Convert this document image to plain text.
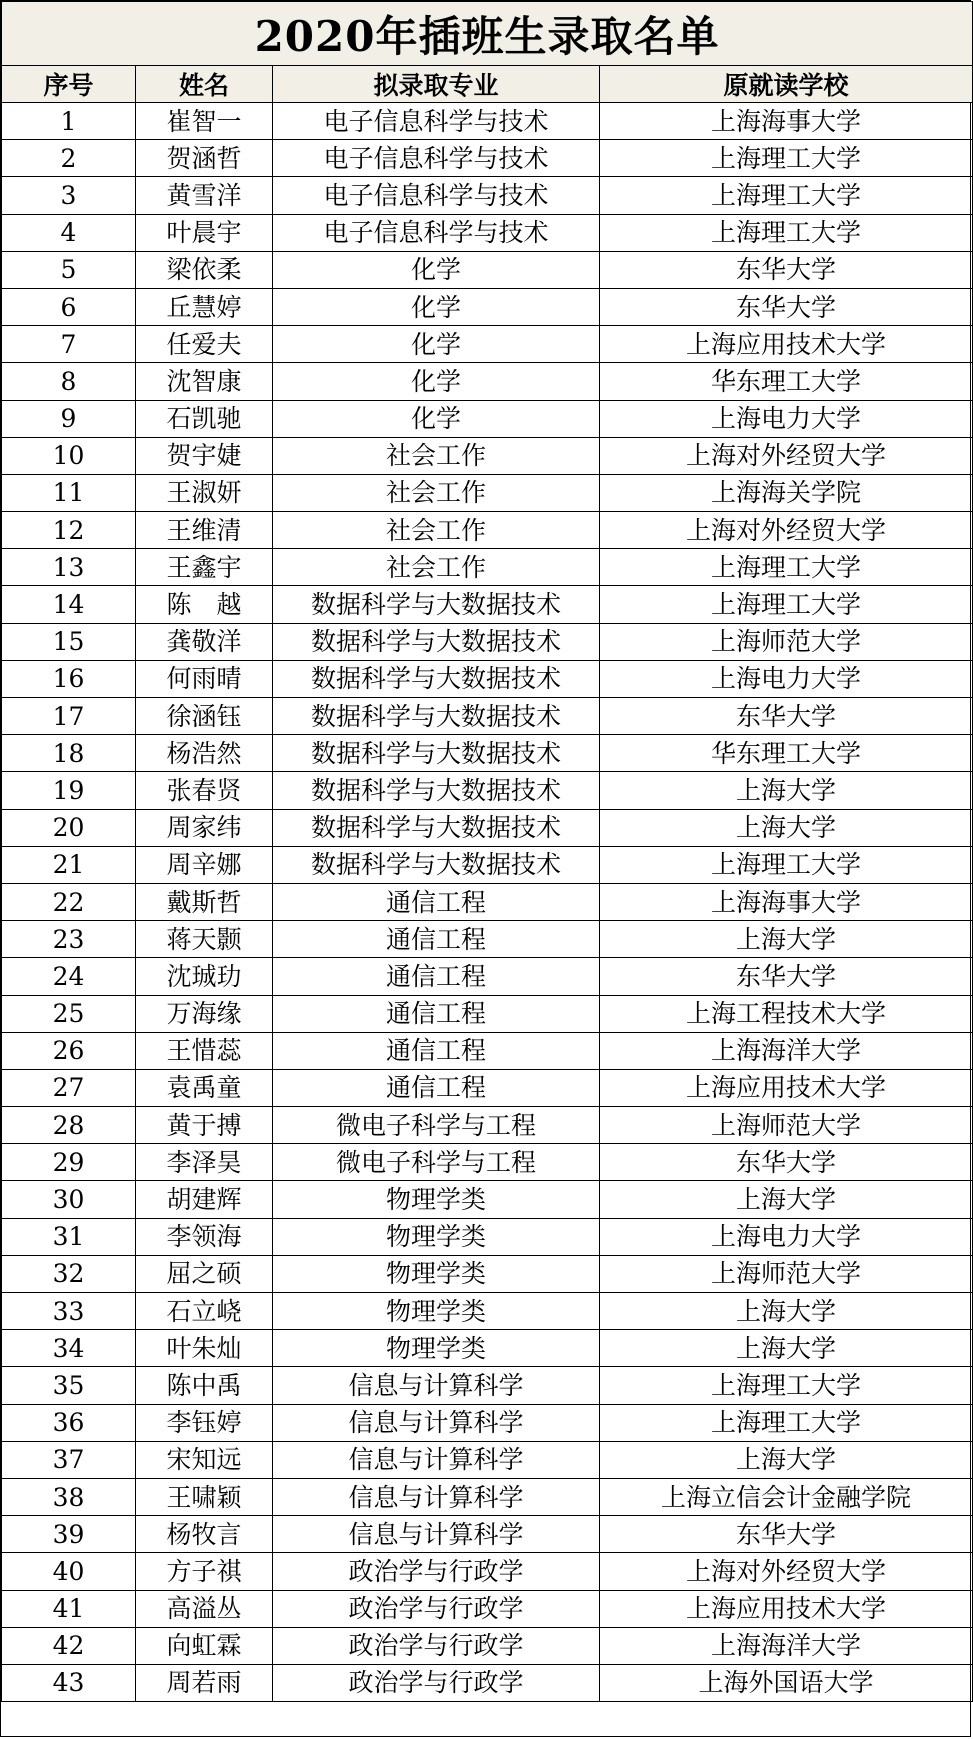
2020年插班生录取名单			
序号	姓名	拟录取专业	原就读学校
1	崔智一	电子信息科学与技术	上海海事大学
2	贺涵哲	电子信息科学与技术	上海理工大学
3	黄雪洋	电子信息科学与技术	上海理工大学
4	叶晨宇	电子信息科学与技术	上海理工大学
5	梁依柔	化学	东华大学
6	丘慧婷	化学	东华大学
7	任爱夫	化学	上海应用技术大学
8	沈智康	化学	华东理工大学
9	石凯驰	化学	上海电力大学
10	贺宇婕	社会工作	上海对外经贸大学
11	王淑妍	社会工作	上海海关学院
12	王维清	社会工作	上海对外经贸大学
13	王鑫宇	社会工作	上海理工大学
14	陈　越	数据科学与大数据技术	上海理工大学
15	龚敬洋	数据科学与大数据技术	上海师范大学
16	何雨晴	数据科学与大数据技术	上海电力大学
17	徐涵钰	数据科学与大数据技术	东华大学
18	杨浩然	数据科学与大数据技术	华东理工大学
19	张春贤	数据科学与大数据技术	上海大学
20	周家纬	数据科学与大数据技术	上海大学
21	周辛娜	数据科学与大数据技术	上海理工大学
22	戴斯哲	通信工程	上海海事大学
23	蒋天颢	通信工程	上海大学
24	沈珹玏	通信工程	东华大学
25	万海缘	通信工程	上海工程技术大学
26	王惜蕊	通信工程	上海海洋大学
27	袁禹童	通信工程	上海应用技术大学
28	黄于搏	微电子科学与工程	上海师范大学
29	李泽昊	微电子科学与工程	东华大学
30	胡建辉	物理学类	上海大学
31	李领海	物理学类	上海电力大学
32	屈之硕	物理学类	上海师范大学
33	石立峣	物理学类	上海大学
34	叶朱灿	物理学类	上海大学
35	陈中禹	信息与计算科学	上海理工大学
36	李钰婷	信息与计算科学	上海理工大学
37	宋知远	信息与计算科学	上海大学
38	王啸颖	信息与计算科学	上海立信会计金融学院
39	杨牧言	信息与计算科学	东华大学
40	方子祺	政治学与行政学	上海对外经贸大学
41	高溢丛	政治学与行政学	上海应用技术大学
42	向虹霖	政治学与行政学	上海海洋大学
43	周若雨	政治学与行政学	上海外国语大学
